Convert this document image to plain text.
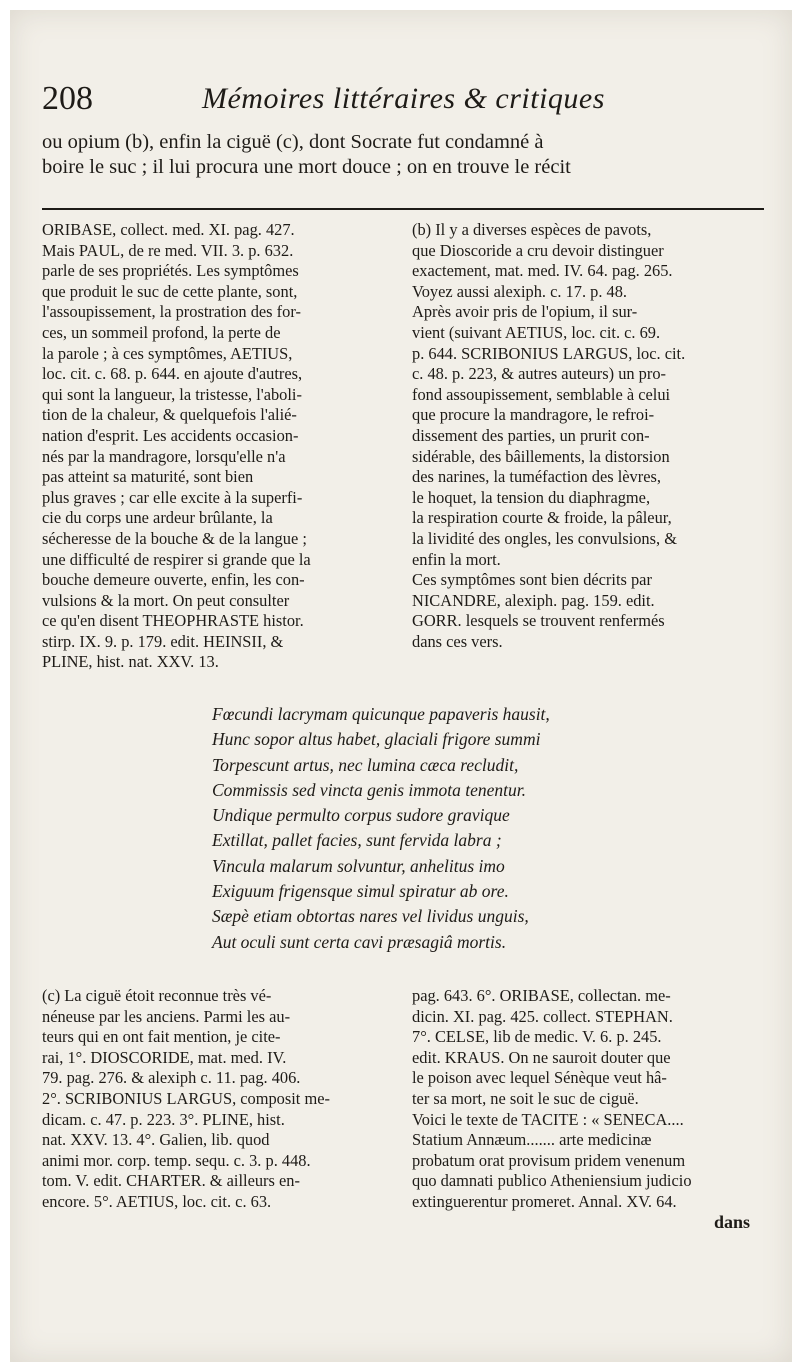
208	Mémoires littéraires & critiques
ou opium (b), enfin la ciguë (c), dont Socrate fut condamné à
boire le suc ; il lui procura une mort douce ; on en trouve le récit
ORIBASE, collect. med. XI. pag. 427.
Mais PAUL, de re med. VII. 3. p. 632.
parle de ses propriétés. Les symptômes
que produit le suc de cette plante, sont,
l'assoupissement, la prostration des for-
ces, un sommeil profond, la perte de
la parole ; à ces symptômes, AETIUS,
loc. cit. c. 68. p. 644. en ajoute d'autres,
qui sont la langueur, la tristesse, l'aboli-
tion de la chaleur, & quelquefois l'alié-
nation d'esprit. Les accidents occasion-
nés par la mandragore, lorsqu'elle n'a
pas atteint sa maturité, sont bien
plus graves ; car elle excite à la superfi-
cie du corps une ardeur brûlante, la
sécheresse de la bouche & de la langue ;
une difficulté de respirer si grande que la
bouche demeure ouverte, enfin, les con-
vulsions & la mort. On peut consulter
ce qu'en disent THEOPHRASTE histor.
stirp. IX. 9. p. 179. edit. HEINSII, &
PLINE, hist. nat. XXV. 13.
(b) Il y a diverses espèces de pavots,
que Dioscoride a cru devoir distinguer
exactement, mat. med. IV. 64. pag. 265.
Voyez aussi alexiph. c. 17. p. 48.
Après avoir pris de l'opium, il sur-
vient (suivant AETIUS, loc. cit. c. 69.
p. 644. SCRIBONIUS LARGUS, loc. cit.
c. 48. p. 223, & autres auteurs) un pro-
fond assoupissement, semblable à celui
que procure la mandragore, le refroi-
dissement des parties, un prurit con-
sidérable, des bâillements, la distorsion
des narines, la tuméfaction des lèvres,
le hoquet, la tension du diaphragme,
la respiration courte & froide, la pâleur,
la lividité des ongles, les convulsions, &
enfin la mort.
Ces symptômes sont bien décrits par
NICANDRE, alexiph. pag. 159. edit.
GORR. lesquels se trouvent renfermés
dans ces vers.
Fœcundi lacrymam quicunque papaveris hausit,
Hunc sopor altus habet, glaciali frigore summi
Torpescunt artus, nec lumina cæca recludit,
Commissis sed vincta genis immota tenentur.
Undique permulto corpus sudore gravique
Extillat, pallet facies, sunt fervida labra ;
Vincula malarum solvuntur, anhelitus imo
Exiguum frigensque simul spiratur ab ore.
Sæpè etiam obtortas nares vel lividus unguis,
Aut oculi sunt certa cavi præsagiâ mortis.
(c) La ciguë étoit reconnue très vé-
néneuse par les anciens. Parmi les au-
teurs qui en ont fait mention, je cite-
rai, 1°. DIOSCORIDE, mat. med. IV.
79. pag. 276. & alexiph c. 11. pag. 406.
2°. SCRIBONIUS LARGUS, composit me-
dicam. c. 47. p. 223. 3°. PLINE, hist.
nat. XXV. 13. 4°. Galien, lib. quod
animi mor. corp. temp. sequ. c. 3. p. 448.
tom. V. edit. CHARTER. & ailleurs en-
encore. 5°. AETIUS, loc. cit. c. 63.
pag. 643. 6°. ORIBASE, collectan. me-
dicin. XI. pag. 425. collect. STEPHAN.
7°. CELSE, lib de medic. V. 6. p. 245.
edit. KRAUS. On ne sauroit douter que
le poison avec lequel Sénèque veut hâ-
ter sa mort, ne soit le suc de ciguë.
Voici le texte de TACITE : « SENECA....
Statium Annæum....... arte medicinæ
probatum orat provisum pridem venenum
quo damnati publico Atheniensium judicio
extinguerentur promeret. Annal. XV. 64.
dans
